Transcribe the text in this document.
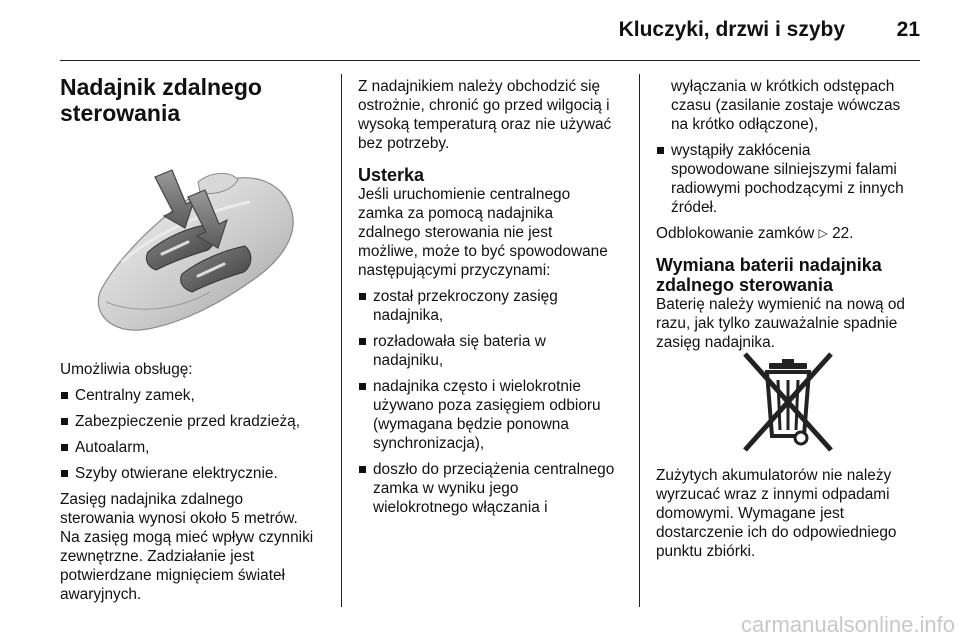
Kluczyki, drzwi i szyby	21
Nadajnik zdalnego
sterowania

Umożliwia obsługę:

Centralny zamek,
Zabezpieczenie przed kradzieżą,
Autoalarm,
Szyby otwierane elektrycznie.

Zasięg nadajnika zdalnego
sterowania wynosi około 5 metrów.
Na zasięg mogą mieć wpływ czynniki
zewnętrzne. Zadziałanie jest
potwierdzane mignięciem świateł
awaryjnych.

Z nadajnikiem należy obchodzić się
ostrożnie, chronić go przed wilgocią i
wysoką temperaturą oraz nie używać
bez potrzeby.

Usterka

Jeśli uruchomienie centralnego
zamka za pomocą nadajnika
zdalnego sterowania nie jest
możliwe, może to być spowodowane
następującymi przyczynami:

został przekroczony zasięg
nadajnika,
rozładowała się bateria w
nadajniku,
nadajnika często i wielokrotnie
używano poza zasięgiem odbioru
(wymagana będzie ponowna
synchronizacja),
doszło do przeciążenia centralnego
zamka w wyniku jego
wielokrotnego włączania i
wyłączania w krótkich odstępach
czasu (zasilanie zostaje wówczas
na krótko odłączone),
wystąpiły zakłócenia
spowodowane silniejszymi falami
radiowymi pochodzącymi z innych
źródeł.

Odblokowanie zamków ▷ 22.

Wymiana baterii nadajnika
zdalnego sterowania

Baterię należy wymienić na nową od
razu, jak tylko zauważalnie spadnie
zasięg nadajnika.

Zużytych akumulatorów nie należy
wyrzucać wraz z innymi odpadami
domowymi. Wymagane jest
dostarczenie ich do odpowiedniego
punktu zbiórki.

carmanualsonline.info
